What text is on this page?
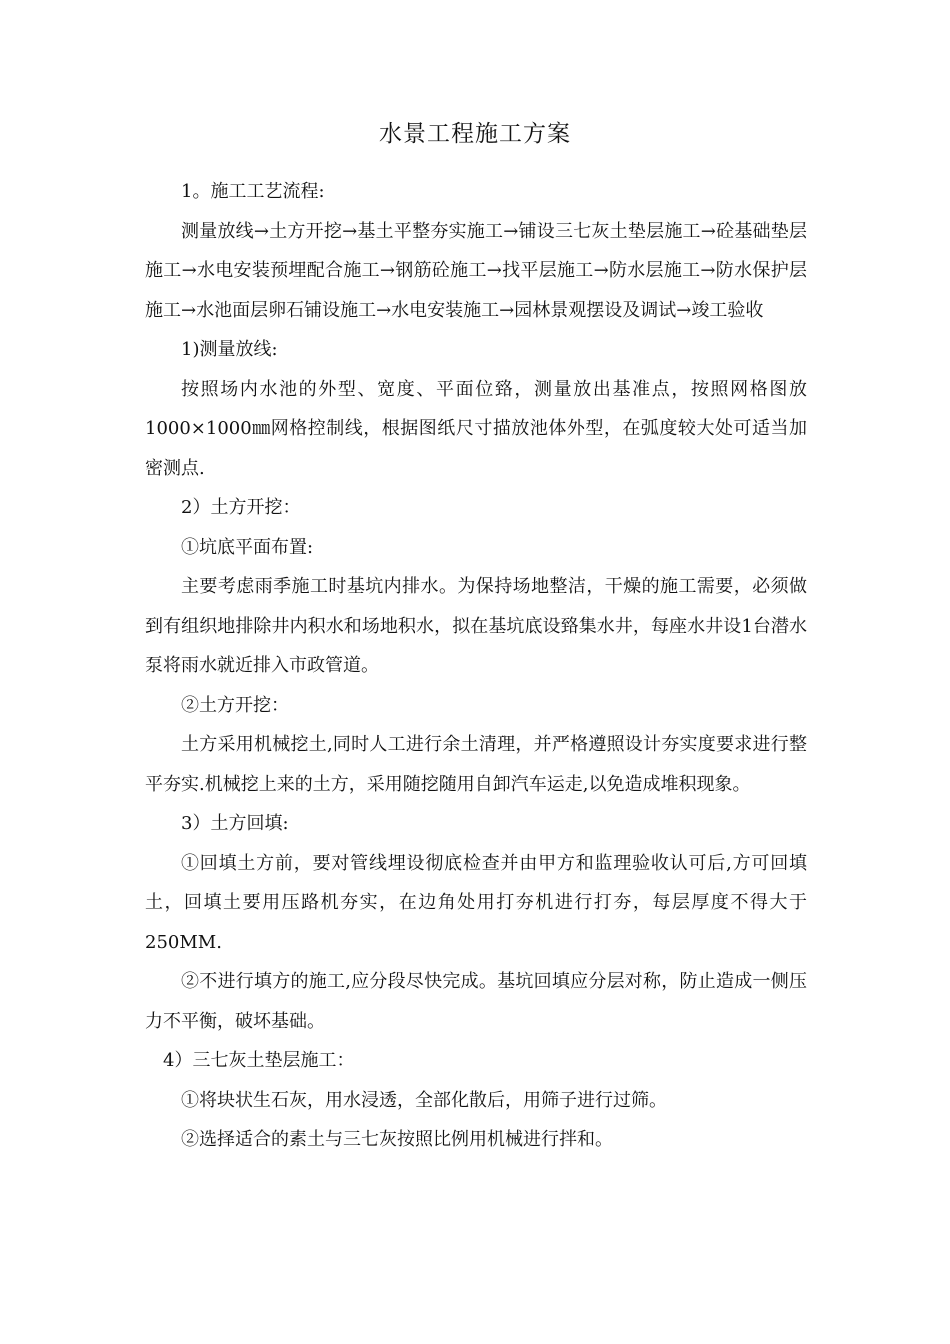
水景工程施工方案

1。施工工艺流程:

测量放线→土方开挖→基土平整夯实施工→铺设三七灰土垫层施工→砼基础垫层施工→水电安装预埋配合施工→钢筋砼施工→找平层施工→防水层施工→防水保护层施工→水池面层卵石铺设施工→水电安装施工→园林景观摆设及调试→竣工验收

1)测量放线:

按照场内水池的外型、宽度、平面位臵，测量放出基准点，按照网格图放1000×1000㎜网格控制线，根据图纸尺寸描放池体外型，在弧度较大处可适当加密测点.

2）土方开挖：

①坑底平面布置:

主要考虑雨季施工时基坑内排水。为保持场地整洁，干燥的施工需要，必须做到有组织地排除井内积水和场地积水，拟在基坑底设臵集水井，每座水井设1台潜水泵将雨水就近排入市政管道。

②土方开挖：

土方采用机械挖土,同时人工进行余土清理，并严格遵照设计夯实度要求进行整平夯实.机械挖上来的土方，采用随挖随用自卸汽车运走,以免造成堆积现象。

3）土方回填:

①回填土方前，要对管线埋设彻底检查并由甲方和监理验收认可后,方可回填土，回填土要用压路机夯实，在边角处用打夯机进行打夯，每层厚度不得大于250MM.

②不进行填方的施工,应分段尽快完成。基坑回填应分层对称，防止造成一侧压力不平衡，破坏基础。

4）三七灰土垫层施工：

①将块状生石灰，用水浸透，全部化散后，用筛子进行过筛。

②选择适合的素土与三七灰按照比例用机械进行拌和。
